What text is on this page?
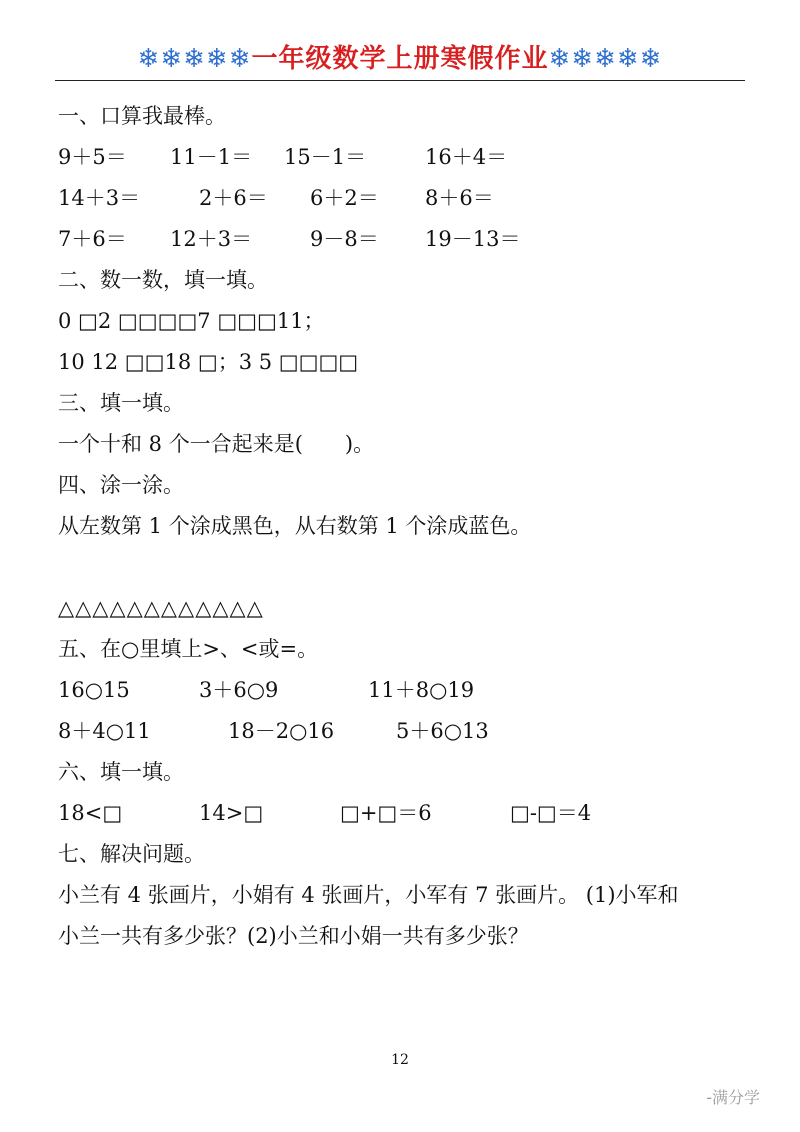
❄❄❄❄❄一年级数学上册寒假作业❄❄❄❄❄
一、口算我最棒。
9＋5＝ 11－1＝ 15－1＝	16＋4＝
14＋3＝	2＋6＝ 6＋2＝ 8＋6＝
7＋6＝ 12＋3＝	9－8＝ 19－13＝
二、数一数，填一填。
0 □2 □□□□7 □□□11；
10 12 □□18 □；3 5 □□□□
三、填一填。
一个十和 8 个一合起来是(　　)。
四、涂一涂。
从左数第 1 个涂成黑色，从右数第 1 个涂成蓝色。
△△△△△△△△△△△△
五、在○里填上>、<或=。
16○15	3＋6○9	11＋8○19
8＋4○11	18－2○16	5＋6○13
六、填一填。
18<□	14>□	□+□＝6	□-□＝4
七、解决问题。
小兰有 4 张画片，小娟有 4 张画片，小军有 7 张画片。 (1)小军和
小兰一共有多少张？(2)小兰和小娟一共有多少张？
12
-满分学
